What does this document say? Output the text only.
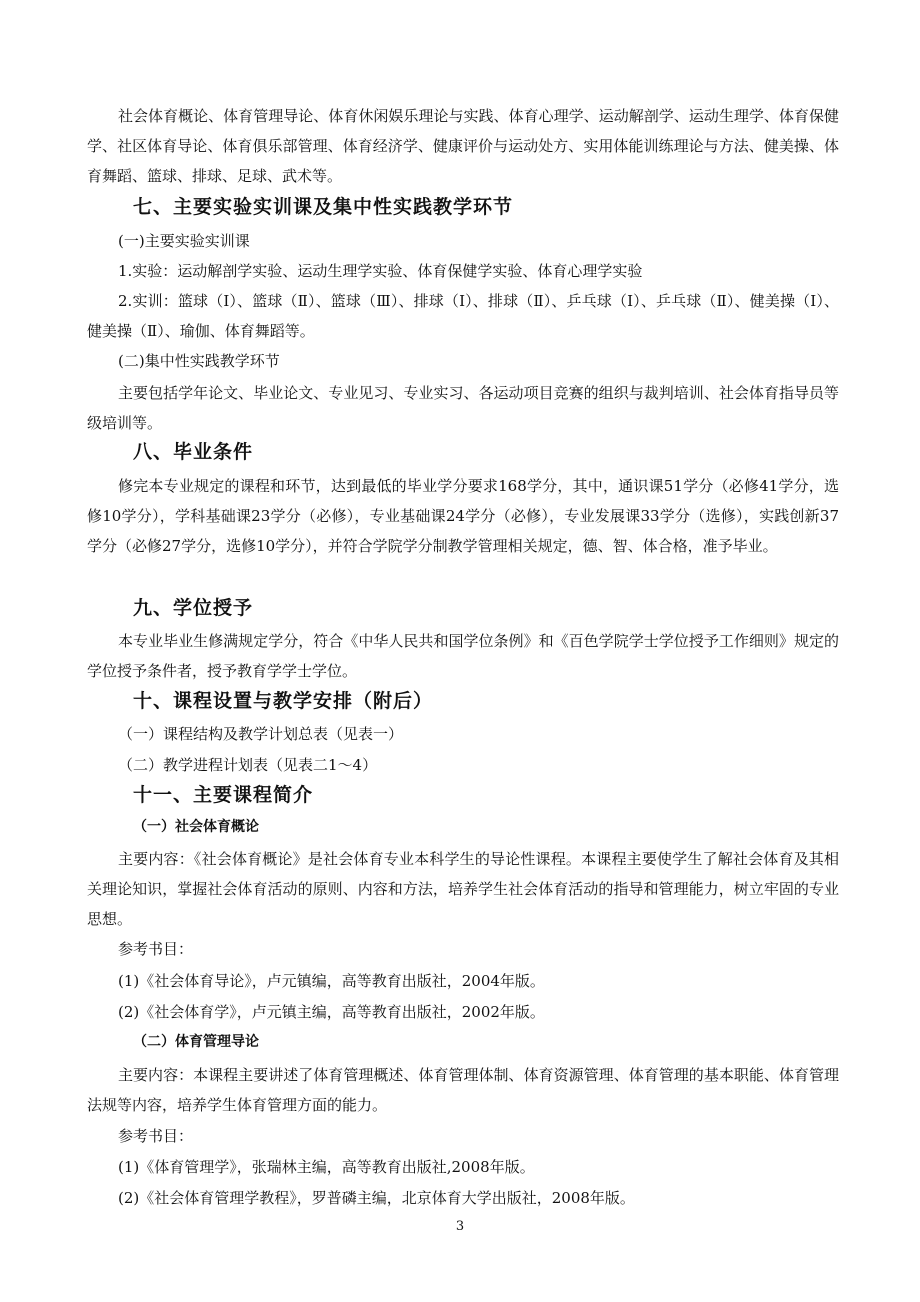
社会体育概论、体育管理导论、体育休闲娱乐理论与实践、体育心理学、运动解剖学、运动生理学、体育保健学、社区体育导论、体育俱乐部管理、体育经济学、健康评价与运动处方、实用体能训练理论与方法、健美操、体育舞蹈、篮球、排球、足球、武术等。

七、主要实验实训课及集中性实践教学环节

(一)主要实验实训课

1.实验：运动解剖学实验、运动生理学实验、体育保健学实验、体育心理学实验

2.实训：篮球（Ⅰ）、篮球（Ⅱ）、篮球（Ⅲ）、排球（Ⅰ）、排球（Ⅱ）、乒乓球（Ⅰ）、乒乓球（Ⅱ）、健美操（Ⅰ）、健美操（Ⅱ）、瑜伽、体育舞蹈等。

(二)集中性实践教学环节

主要包括学年论文、毕业论文、专业见习、专业实习、各运动项目竞赛的组织与裁判培训、社会体育指导员等级培训等。

八、毕业条件

修完本专业规定的课程和环节，达到最低的毕业学分要求168学分，其中，通识课51学分（必修41学分，选修10学分），学科基础课23学分（必修），专业基础课24学分（必修），专业发展课33学分（选修），实践创新37学分（必修27学分，选修10学分），并符合学院学分制教学管理相关规定，德、智、体合格，准予毕业。

九、学位授予

本专业毕业生修满规定学分，符合《中华人民共和国学位条例》和《百色学院学士学位授予工作细则》规定的学位授予条件者，授予教育学学士学位。

十、课程设置与教学安排（附后）

（一）课程结构及教学计划总表（见表一）

（二）教学进程计划表（见表二1～4）

十一、主要课程简介
（一）社会体育概论

主要内容：《社会体育概论》是社会体育专业本科学生的导论性课程。本课程主要使学生了解社会体育及其相关理论知识，掌握社会体育活动的原则、内容和方法，培养学生社会体育活动的指导和管理能力，树立牢固的专业思想。

参考书目：

(1)《社会体育导论》，卢元镇编，高等教育出版社，2004年版。

(2)《社会体育学》，卢元镇主编，高等教育出版社，2002年版。

（二）体育管理导论

主要内容：本课程主要讲述了体育管理概述、体育管理体制、体育资源管理、体育管理的基本职能、体育管理法规等内容，培养学生体育管理方面的能力。

参考书目：

(1)《体育管理学》，张瑞林主编，高等教育出版社,2008年版。

(2)《社会体育管理学教程》，罗普磷主编，北京体育大学出版社，2008年版。

3
